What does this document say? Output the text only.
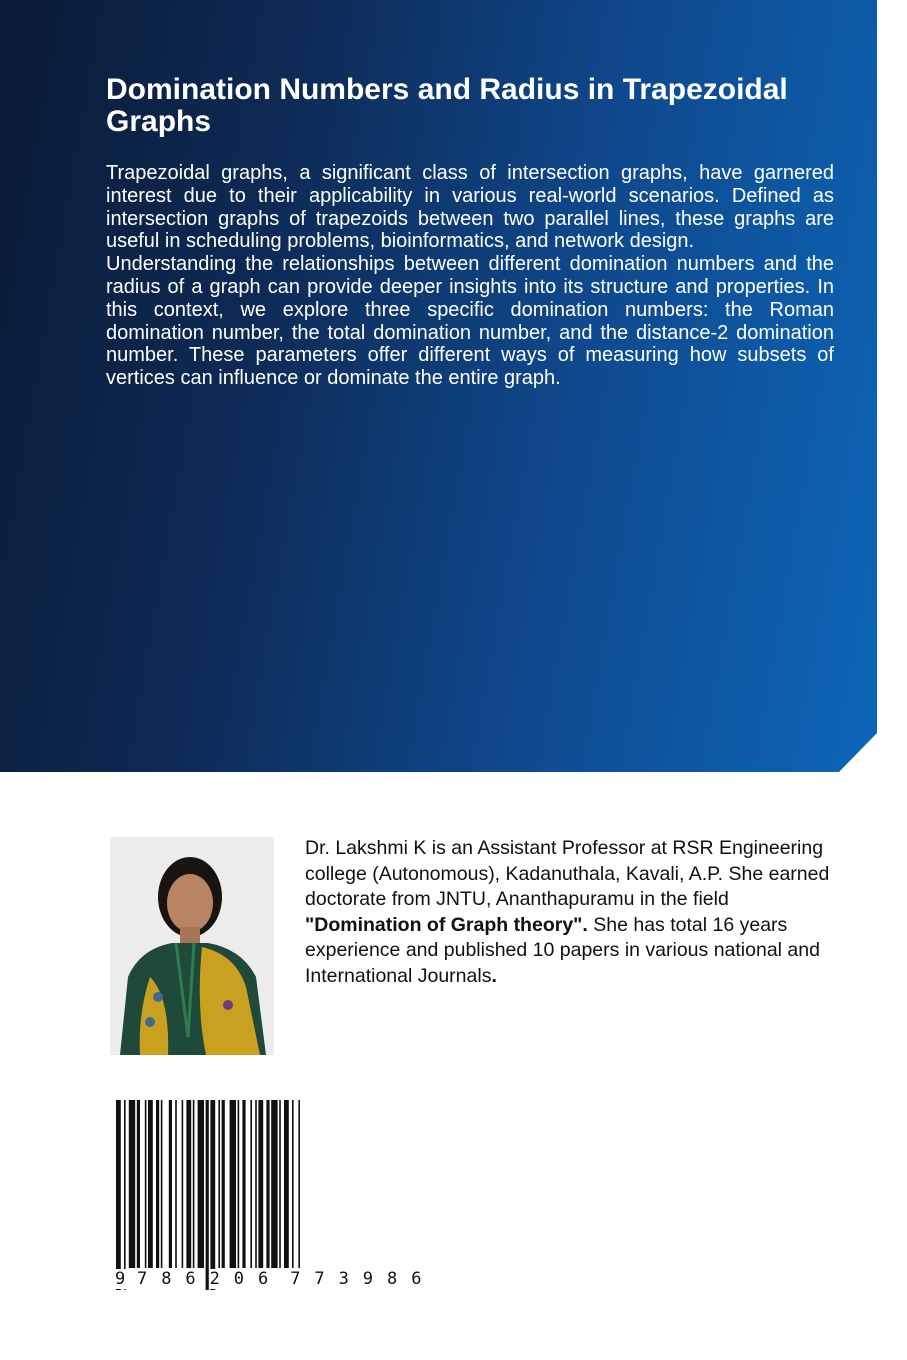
Domination Numbers and Radius in Trapezoidal Graphs

Trapezoidal graphs, a significant class of intersection graphs, have garnered interest due to their applicability in various real-world scenarios. Defined as intersection graphs of trapezoids between two parallel lines, these graphs are useful in scheduling problems, bioinformatics, and network design.

Understanding the relationships between different domination numbers and the radius of a graph can provide deeper insights into its structure and properties. In this context, we explore three specific domination numbers: the Roman domination number, the total domination number, and the distance-2 domination number. These parameters offer different ways of measuring how subsets of vertices can influence or dominate the entire graph.

Dr. Lakshmi K is an Assistant Professor at RSR Engineering college (Autonomous), Kadanuthala, Kavali, A.P. She earned doctorate from JNTU, Ananthapuramu in the field "Domination of Graph theory". She has total 16 years experience and published 10 papers in various national and International Journals.

9 7 8 6 2 0 6 7 7 3 9 8 6
